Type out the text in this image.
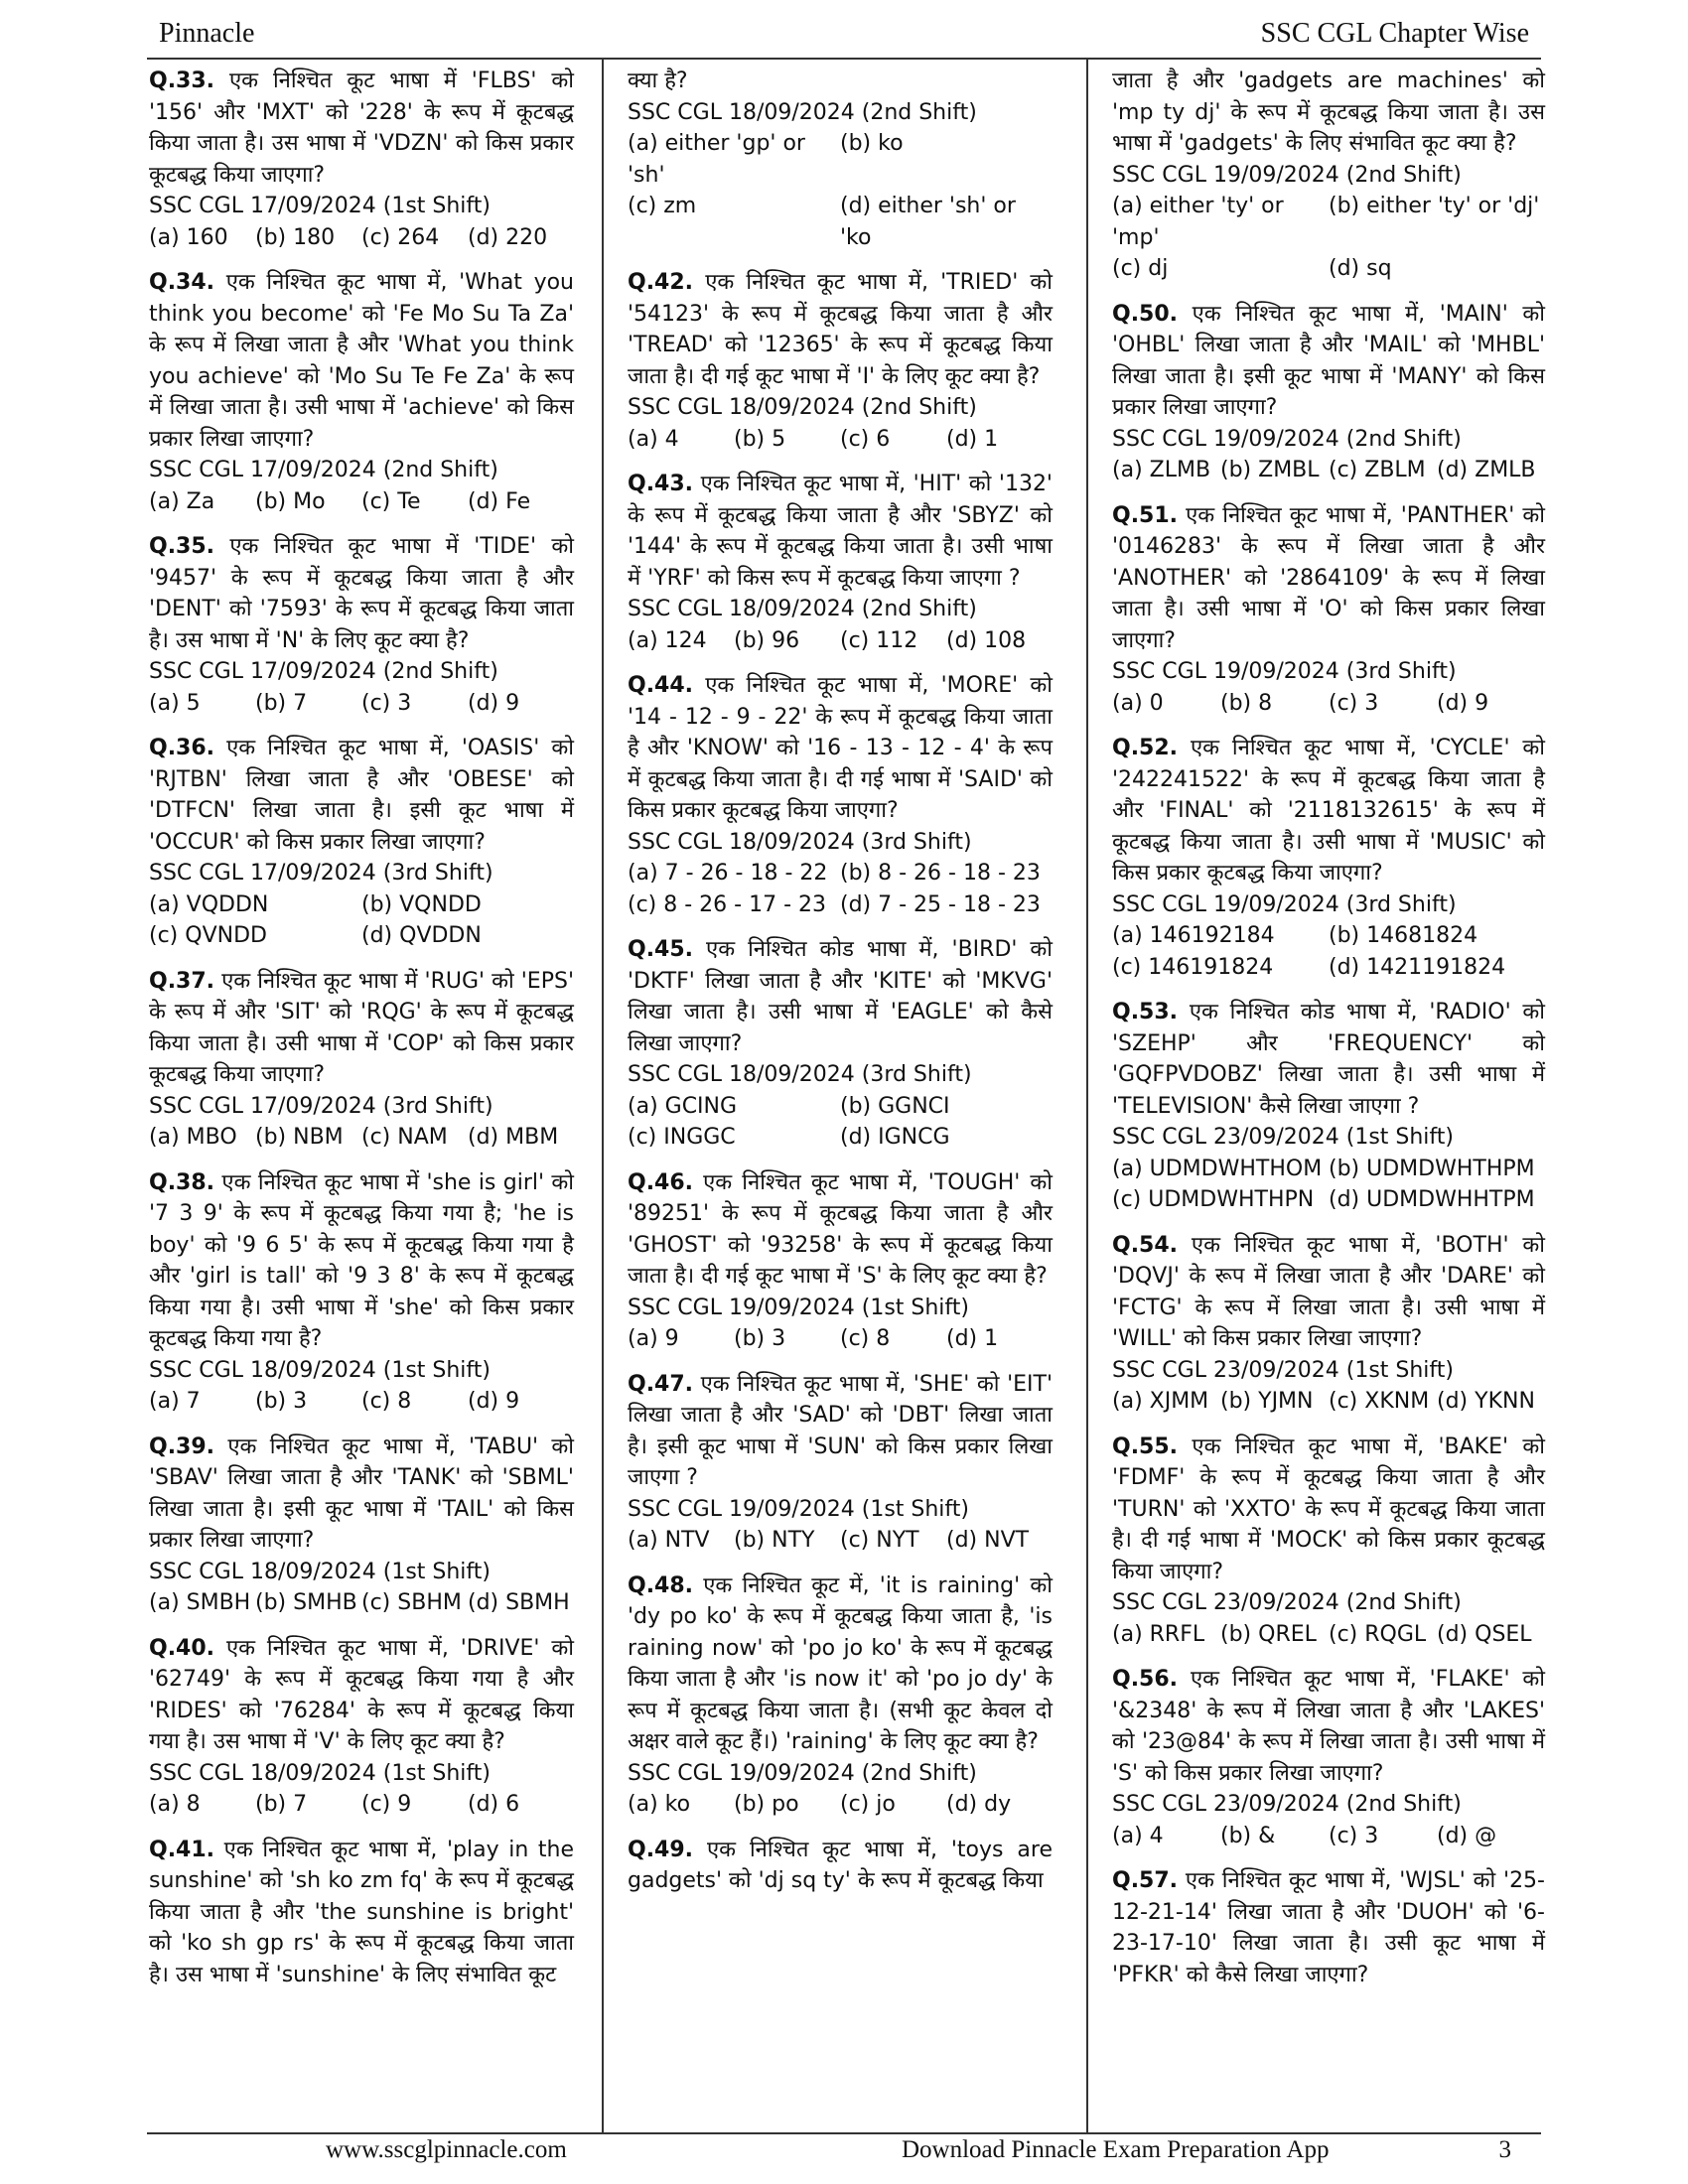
Pinnacle	SSC CGL Chapter Wise
Q.33. एक निश्चित कूट भाषा में 'FLBS' को '156' और 'MXT' को '228' के रूप में कूटबद्ध किया जाता है। उस भाषा में 'VDZN' को किस प्रकार कूटबद्ध किया जाएगा?
SSC CGL 17/09/2024 (1st Shift)
(a) 160	(b) 180	(c) 264	(d) 220
Q.34. एक निश्चित कूट भाषा में, 'What you think you become' को 'Fe Mo Su Ta Za' के रूप में लिखा जाता है और 'What you think you achieve' को 'Mo Su Te Fe Za' के रूप में लिखा जाता है। उसी भाषा में 'achieve' को किस प्रकार लिखा जाएगा?
SSC CGL 17/09/2024 (2nd Shift)
(a) Za	(b) Mo	(c) Te	(d) Fe
Q.35. एक निश्चित कूट भाषा में 'TIDE' को '9457' के रूप में कूटबद्ध किया जाता है और 'DENT' को '7593' के रूप में कूटबद्ध किया जाता है। उस भाषा में 'N' के लिए कूट क्या है?
SSC CGL 17/09/2024 (2nd Shift)
(a) 5	(b) 7	(c) 3	(d) 9
Q.36. एक निश्चित कूट भाषा में, 'OASIS' को 'RJTBN' लिखा जाता है और 'OBESE' को 'DTFCN' लिखा जाता है। इसी कूट भाषा में 'OCCUR' को किस प्रकार लिखा जाएगा?
SSC CGL 17/09/2024 (3rd Shift)
(a) VQDDN	(b) VQNDD
(c) QVNDD	(d) QVDDN
Q.37. एक निश्चित कूट भाषा में 'RUG' को 'EPS' के रूप में और 'SIT' को 'RQG' के रूप में कूटबद्ध किया जाता है। उसी भाषा में 'COP' को किस प्रकार कूटबद्ध किया जाएगा?
SSC CGL 17/09/2024 (3rd Shift)
(a) MBO (b) NBM (c) NAM (d) MBM
Q.38. एक निश्चित कूट भाषा में 'she is girl' को '7 3 9' के रूप में कूटबद्ध किया गया है; 'he is boy' को '9 6 5' के रूप में कूटबद्ध किया गया है और 'girl is tall' को '9 3 8' के रूप में कूटबद्ध किया गया है। उसी भाषा में 'she' को किस प्रकार कूटबद्ध किया गया है?
SSC CGL 18/09/2024 (1st Shift)
(a) 7	(b) 3	(c) 8	(d) 9
Q.39. एक निश्चित कूट भाषा में, 'TABU' को 'SBAV' लिखा जाता है और 'TANK' को 'SBML' लिखा जाता है। इसी कूट भाषा में 'TAIL' को किस प्रकार लिखा जाएगा?
SSC CGL 18/09/2024 (1st Shift)
(a) SMBH (b) SMHB (c) SBHM (d) SBMH
Q.40. एक निश्चित कूट भाषा में, 'DRIVE' को '62749' के रूप में कूटबद्ध किया गया है और 'RIDES' को '76284' के रूप में कूटबद्ध किया गया है। उस भाषा में 'V' के लिए कूट क्या है?
SSC CGL 18/09/2024 (1st Shift)
(a) 8	(b) 7	(c) 9	(d) 6
Q.41. एक निश्चित कूट भाषा में, 'play in the sunshine' को 'sh ko zm fq' के रूप में कूटबद्ध किया जाता है और 'the sunshine is bright' को 'ko sh gp rs' के रूप में कूटबद्ध किया जाता है। उस भाषा में 'sunshine' के लिए संभावित कूट
क्या है?
SSC CGL 18/09/2024 (2nd Shift)
(a) either 'gp' or 'sh'
(b) ko
(c) zm	(d) either 'sh' or 'ko
Q.42. एक निश्चित कूट भाषा में, 'TRIED' को '54123' के रूप में कूटबद्ध किया जाता है और 'TREAD' को '12365' के रूप में कूटबद्ध किया जाता है। दी गई कूट भाषा में 'I' के लिए कूट क्या है?
SSC CGL 18/09/2024 (2nd Shift)
(a) 4	(b) 5	(c) 6	(d) 1
Q.43. एक निश्चित कूट भाषा में, 'HIT' को '132' के रूप में कूटबद्ध किया जाता है और 'SBYZ' को '144' के रूप में कूटबद्ध किया जाता है। उसी भाषा में 'YRF' को किस रूप में कूटबद्ध किया जाएगा ?
SSC CGL 18/09/2024 (2nd Shift)
(a) 124	(b) 96	(c) 112	(d) 108
Q.44. एक निश्चित कूट भाषा में, 'MORE' को '14 - 12 - 9 - 22' के रूप में कूटबद्ध किया जाता है और 'KNOW' को '16 - 13 - 12 - 4' के रूप में कूटबद्ध किया जाता है। दी गई भाषा में 'SAID' को किस प्रकार कूटबद्ध किया जाएगा?
SSC CGL 18/09/2024 (3rd Shift)
(a) 7 - 26 - 18 - 22 (b) 8 - 26 - 18 - 23
(c) 8 - 26 - 17 - 23 (d) 7 - 25 - 18 - 23
Q.45. एक निश्चित कोड भाषा में, 'BIRD' को 'DKTF' लिखा जाता है और 'KITE' को 'MKVG' लिखा जाता है। उसी भाषा में 'EAGLE' को कैसे लिखा जाएगा?
SSC CGL 18/09/2024 (3rd Shift)
(a) GCING	(b) GGNCI
(c) INGGC	(d) IGNCG
Q.46. एक निश्चित कूट भाषा में, 'TOUGH' को '89251' के रूप में कूटबद्ध किया जाता है और 'GHOST' को '93258' के रूप में कूटबद्ध किया जाता है। दी गई कूट भाषा में 'S' के लिए कूट क्या है?
SSC CGL 19/09/2024 (1st Shift)
(a) 9	(b) 3	(c) 8	(d) 1
Q.47. एक निश्चित कूट भाषा में, 'SHE' को 'EIT' लिखा जाता है और 'SAD' को 'DBT' लिखा जाता है। इसी कूट भाषा में 'SUN' को किस प्रकार लिखा जाएगा ?
SSC CGL 19/09/2024 (1st Shift)
(a) NTV	(b) NTY	(c) NYT	(d) NVT
Q.48. एक निश्चित कूट में, 'it is raining' को 'dy po ko' के रूप में कूटबद्ध किया जाता है, 'is raining now' को 'po jo ko' के रूप में कूटबद्ध किया जाता है और 'is now it' को 'po jo dy' के रूप में कूटबद्ध किया जाता है। (सभी कूट केवल दो अक्षर वाले कूट हैं।) 'raining' के लिए कूट क्या है?
SSC CGL 19/09/2024 (2nd Shift)
(a) ko	(b) po	(c) jo	(d) dy
Q.49. एक निश्चित कूट भाषा में, 'toys are gadgets' को 'dj sq ty' के रूप में कूटबद्ध किया
जाता है और 'gadgets are machines' को 'mp ty dj' के रूप में कूटबद्ध किया जाता है। उस भाषा में 'gadgets' के लिए संभावित कूट क्या है?
SSC CGL 19/09/2024 (2nd Shift)
(a) either 'ty' or 'mp'
(b) either 'ty' or 'dj'
(c) dj	(d) sq
Q.50. एक निश्चित कूट भाषा में, 'MAIN' को 'OHBL' लिखा जाता है और 'MAIL' को 'MHBL' लिखा जाता है। इसी कूट भाषा में 'MANY' को किस प्रकार लिखा जाएगा?
SSC CGL 19/09/2024 (2nd Shift)
(a) ZLMB (b) ZMBL (c) ZBLM (d) ZMLB
Q.51. एक निश्चित कूट भाषा में, 'PANTHER' को '0146283' के रूप में लिखा जाता है और 'ANOTHER' को '2864109' के रूप में लिखा जाता है। उसी भाषा में 'O' को किस प्रकार लिखा जाएगा?
SSC CGL 19/09/2024 (3rd Shift)
(a) 0	(b) 8	(c) 3	(d) 9
Q.52. एक निश्चित कूट भाषा में, 'CYCLE' को '242241522' के रूप में कूटबद्ध किया जाता है और 'FINAL' को '2118132615' के रूप में कूटबद्ध किया जाता है। उसी भाषा में 'MUSIC' को किस प्रकार कूटबद्ध किया जाएगा?
SSC CGL 19/09/2024 (3rd Shift)
(a) 146192184	(b) 14681824
(c) 146191824	(d) 1421191824
Q.53. एक निश्चित कोड भाषा में, 'RADIO' को 'SZEHP' और 'FREQUENCY' को 'GQFPVDOBZ' लिखा जाता है। उसी भाषा में 'TELEVISION' कैसे लिखा जाएगा ?
SSC CGL 23/09/2024 (1st Shift)
(a) UDMDWHTHOM (b) UDMDWHTHPM
(c) UDMDWHTHPN (d) UDMDWHHTPM
Q.54. एक निश्चित कूट भाषा में, 'BOTH' को 'DQVJ' के रूप में लिखा जाता है और 'DARE' को 'FCTG' के रूप में लिखा जाता है। उसी भाषा में 'WILL' को किस प्रकार लिखा जाएगा?
SSC CGL 23/09/2024 (1st Shift)
(a) XJMM (b) YJMN (c) XKNM (d) YKNN
Q.55. एक निश्चित कूट भाषा में, 'BAKE' को 'FDMF' के रूप में कूटबद्ध किया जाता है और 'TURN' को 'XXTO' के रूप में कूटबद्ध किया जाता है। दी गई भाषा में 'MOCK' को किस प्रकार कूटबद्ध किया जाएगा?
SSC CGL 23/09/2024 (2nd Shift)
(a) RRFL (b) QREL (c) RQGL (d) QSEL
Q.56. एक निश्चित कूट भाषा में, 'FLAKE' को '&2348' के रूप में लिखा जाता है और 'LAKES' को '23@84' के रूप में लिखा जाता है। उसी भाषा में 'S' को किस प्रकार लिखा जाएगा?
SSC CGL 23/09/2024 (2nd Shift)
(a) 4	(b) &	(c) 3	(d) @
Q.57. एक निश्चित कूट भाषा में, 'WJSL' को '25-12-21-14' लिखा जाता है और 'DUOH' को '6-23-17-10' लिखा जाता है। उसी कूट भाषा में 'PFKR' को कैसे लिखा जाएगा?
www.sscglpinnacle.com	Download Pinnacle Exam Preparation App	3
